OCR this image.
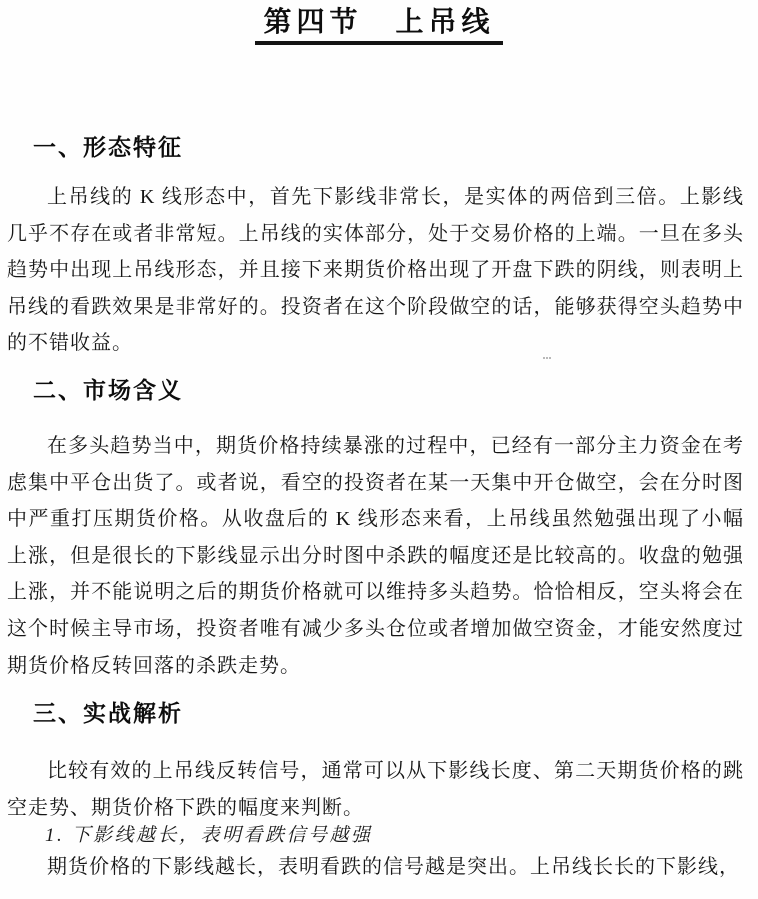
第四节　上吊线
一、形态特征
上吊线的 K 线形态中，首先下影线非常长，是实体的两倍到三倍。上影线几乎不存在或者非常短。上吊线的实体部分，处于交易价格的上端。一旦在多头趋势中出现上吊线形态，并且接下来期货价格出现了开盘下跌的阴线，则表明上吊线的看跌效果是非常好的。投资者在这个阶段做空的话，能够获得空头趋势中的不错收益。
二、市场含义
在多头趋势当中，期货价格持续暴涨的过程中，已经有一部分主力资金在考虑集中平仓出货了。或者说，看空的投资者在某一天集中开仓做空，会在分时图中严重打压期货价格。从收盘后的 K 线形态来看，上吊线虽然勉强出现了小幅上涨，但是很长的下影线显示出分时图中杀跌的幅度还是比较高的。收盘的勉强上涨，并不能说明之后的期货价格就可以维持多头趋势。恰恰相反，空头将会在这个时候主导市场，投资者唯有减少多头仓位或者增加做空资金，才能安然度过期货价格反转回落的杀跌走势。
三、实战解析
比较有效的上吊线反转信号，通常可以从下影线长度、第二天期货价格的跳空走势、期货价格下跌的幅度来判断。
1. 下影线越长，表明看跌信号越强
期货价格的下影线越长，表明看跌的信号越是突出。上吊线长长的下影线，
